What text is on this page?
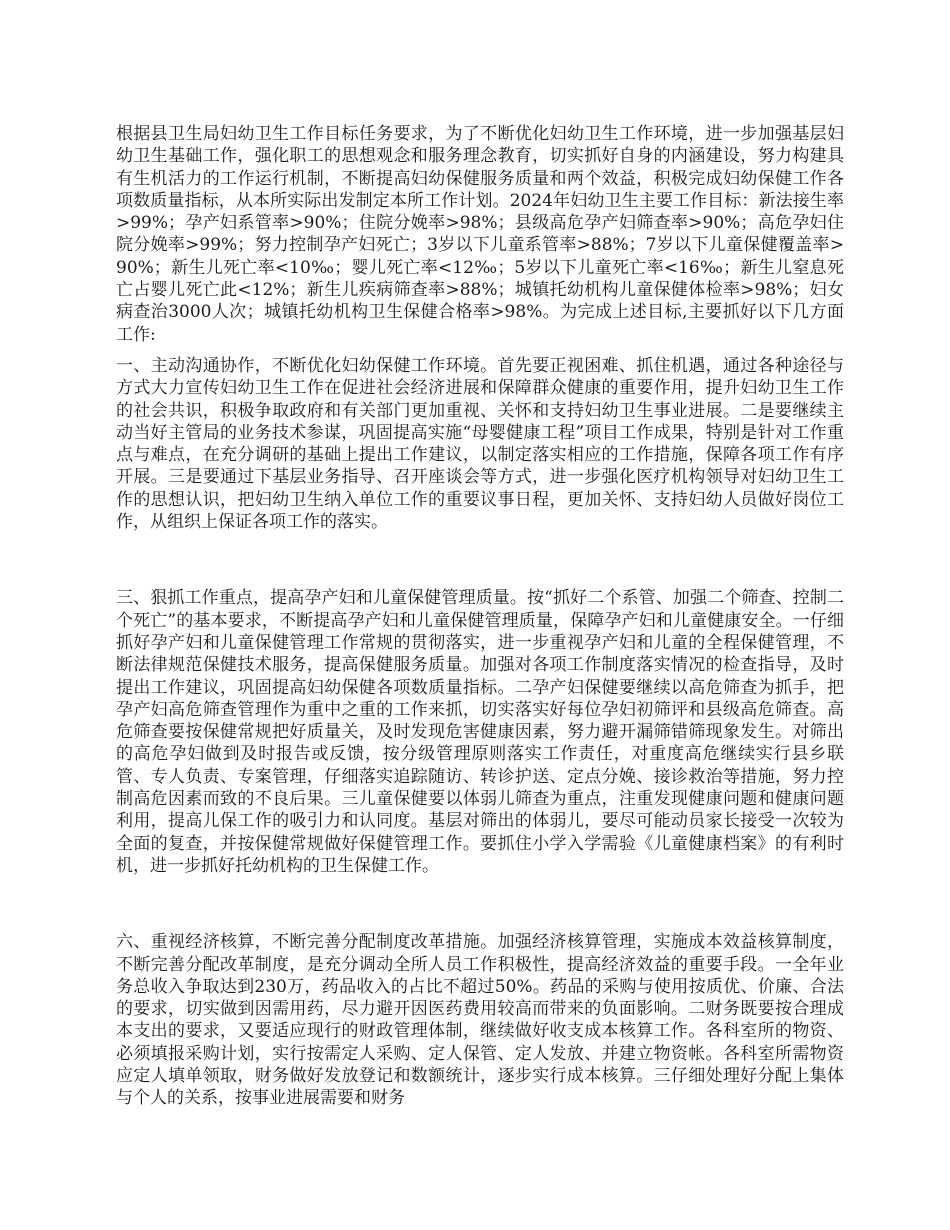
根据县卫生局妇幼卫生工作目标任务要求，为了不断优化妇幼卫生工作环境，进一步加强基层妇幼卫生基础工作，强化职工的思想观念和服务理念教育，切实抓好自身的内涵建设，努力构建具有生机活力的工作运行机制，不断提高妇幼保健服务质量和两个效益，积极完成妇幼保健工作各项数质量指标，从本所实际出发制定本所工作计划。2024年妇幼卫生主要工作目标：新法接生率>99%；孕产妇系管率>90%；住院分娩率>98%；县级高危孕产妇筛查率>90%；高危孕妇住院分娩率>99%；努力控制孕产妇死亡；3岁以下儿童系管率>88%；7岁以下儿童保健覆盖率>90%；新生儿死亡率<10‰；婴儿死亡率<12‰；5岁以下儿童死亡率<16‰；新生儿窒息死亡占婴儿死亡此<12%；新生儿疾病筛查率>88%；城镇托幼机构儿童保健体检率>98%；妇女病查治3000人次；城镇托幼机构卫生保健合格率>98%。为完成上述目标,主要抓好以下几方面工作:

一、主动沟通协作，不断优化妇幼保健工作环境。首先要正视困难、抓住机遇，通过各种途径与方式大力宣传妇幼卫生工作在促进社会经济进展和保障群众健康的重要作用，提升妇幼卫生工作的社会共识，积极争取政府和有关部门更加重视、关怀和支持妇幼卫生事业进展。二是要继续主动当好主管局的业务技术参谋，巩固提高实施“母婴健康工程”项目工作成果，特别是针对工作重点与难点，在充分调研的基础上提出工作建议，以制定落实相应的工作措施，保障各项工作有序开展。三是要通过下基层业务指导、召开座谈会等方式，进一步强化医疗机构领导对妇幼卫生工作的思想认识，把妇幼卫生纳入单位工作的重要议事日程，更加关怀、支持妇幼人员做好岗位工作，从组织上保证各项工作的落实。

三、狠抓工作重点，提高孕产妇和儿童保健管理质量。按“抓好二个系管、加强二个筛查、控制二个死亡”的基本要求，不断提高孕产妇和儿童保健管理质量，保障孕产妇和儿童健康安全。一仔细抓好孕产妇和儿童保健管理工作常规的贯彻落实，进一步重视孕产妇和儿童的全程保健管理，不断法律规范保健技术服务，提高保健服务质量。加强对各项工作制度落实情况的检查指导，及时提出工作建议，巩固提高妇幼保健各项数质量指标。二孕产妇保健要继续以高危筛查为抓手，把孕产妇高危筛查管理作为重中之重的工作来抓，切实落实好每位孕妇初筛评和县级高危筛查。高危筛查要按保健常规把好质量关，及时发现危害健康因素，努力避开漏筛错筛现象发生。对筛出的高危孕妇做到及时报告或反馈，按分级管理原则落实工作责任，对重度高危继续实行县乡联管、专人负责、专案管理，仔细落实追踪随访、转诊护送、定点分娩、接诊救治等措施，努力控制高危因素而致的不良后果。三儿童保健要以体弱儿筛查为重点，注重发现健康问题和健康问题利用，提高儿保工作的吸引力和认同度。基层对筛出的体弱儿，要尽可能动员家长接受一次较为全面的复查，并按保健常规做好保健管理工作。要抓住小学入学需验《儿童健康档案》的有利时机，进一步抓好托幼机构的卫生保健工作。

六、重视经济核算，不断完善分配制度改革措施。加强经济核算管理，实施成本效益核算制度，不断完善分配改革制度，是充分调动全所人员工作积极性，提高经济效益的重要手段。一全年业务总收入争取达到230万，药品收入的占比不超过50%。药品的采购与使用按质优、价廉、合法的要求，切实做到因需用药，尽力避开因医药费用较高而带来的负面影响。二财务既要按合理成本支出的要求，又要适应现行的财政管理体制，继续做好收支成本核算工作。各科室所的物资、必须填报采购计划，实行按需定人采购、定人保管、定人发放、并建立物资帐。各科室所需物资应定人填单领取，财务做好发放登记和数额统计，逐步实行成本核算。三仔细处理好分配上集体与个人的关系，按事业进展需要和财务
